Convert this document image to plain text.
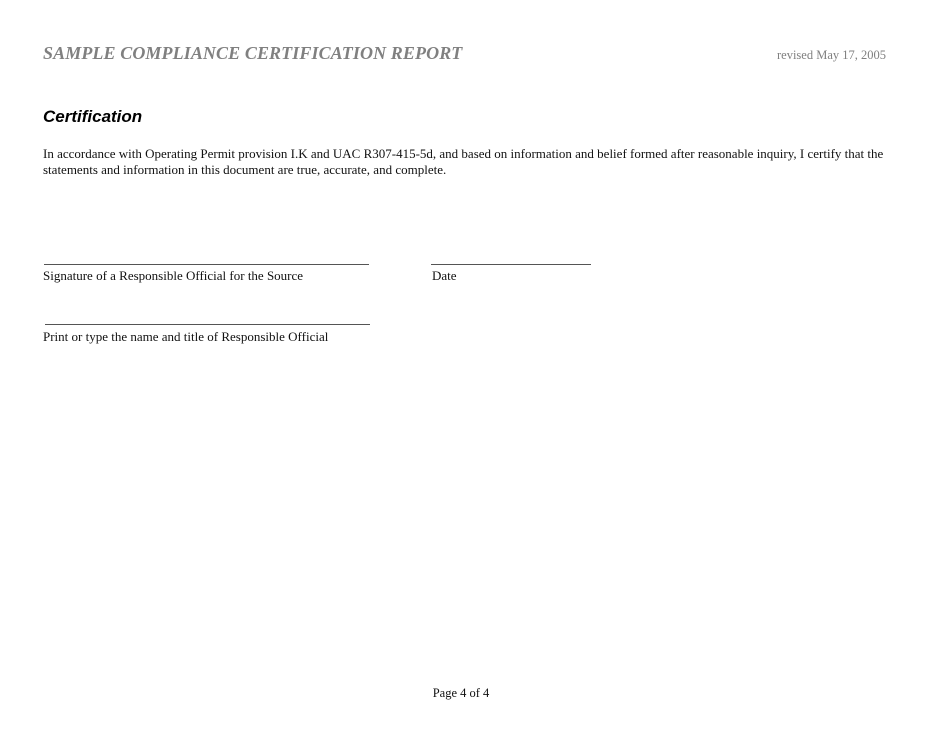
SAMPLE COMPLIANCE CERTIFICATION REPORT	revised May 17, 2005
Certification
In accordance with Operating Permit provision I.K and UAC R307-415-5d, and based on information and belief formed after reasonable inquiry, I certify that the statements and information in this document are true, accurate, and complete.
Signature of a Responsible Official for the Source	Date
Print or type the name and title of Responsible Official
Page 4 of 4
